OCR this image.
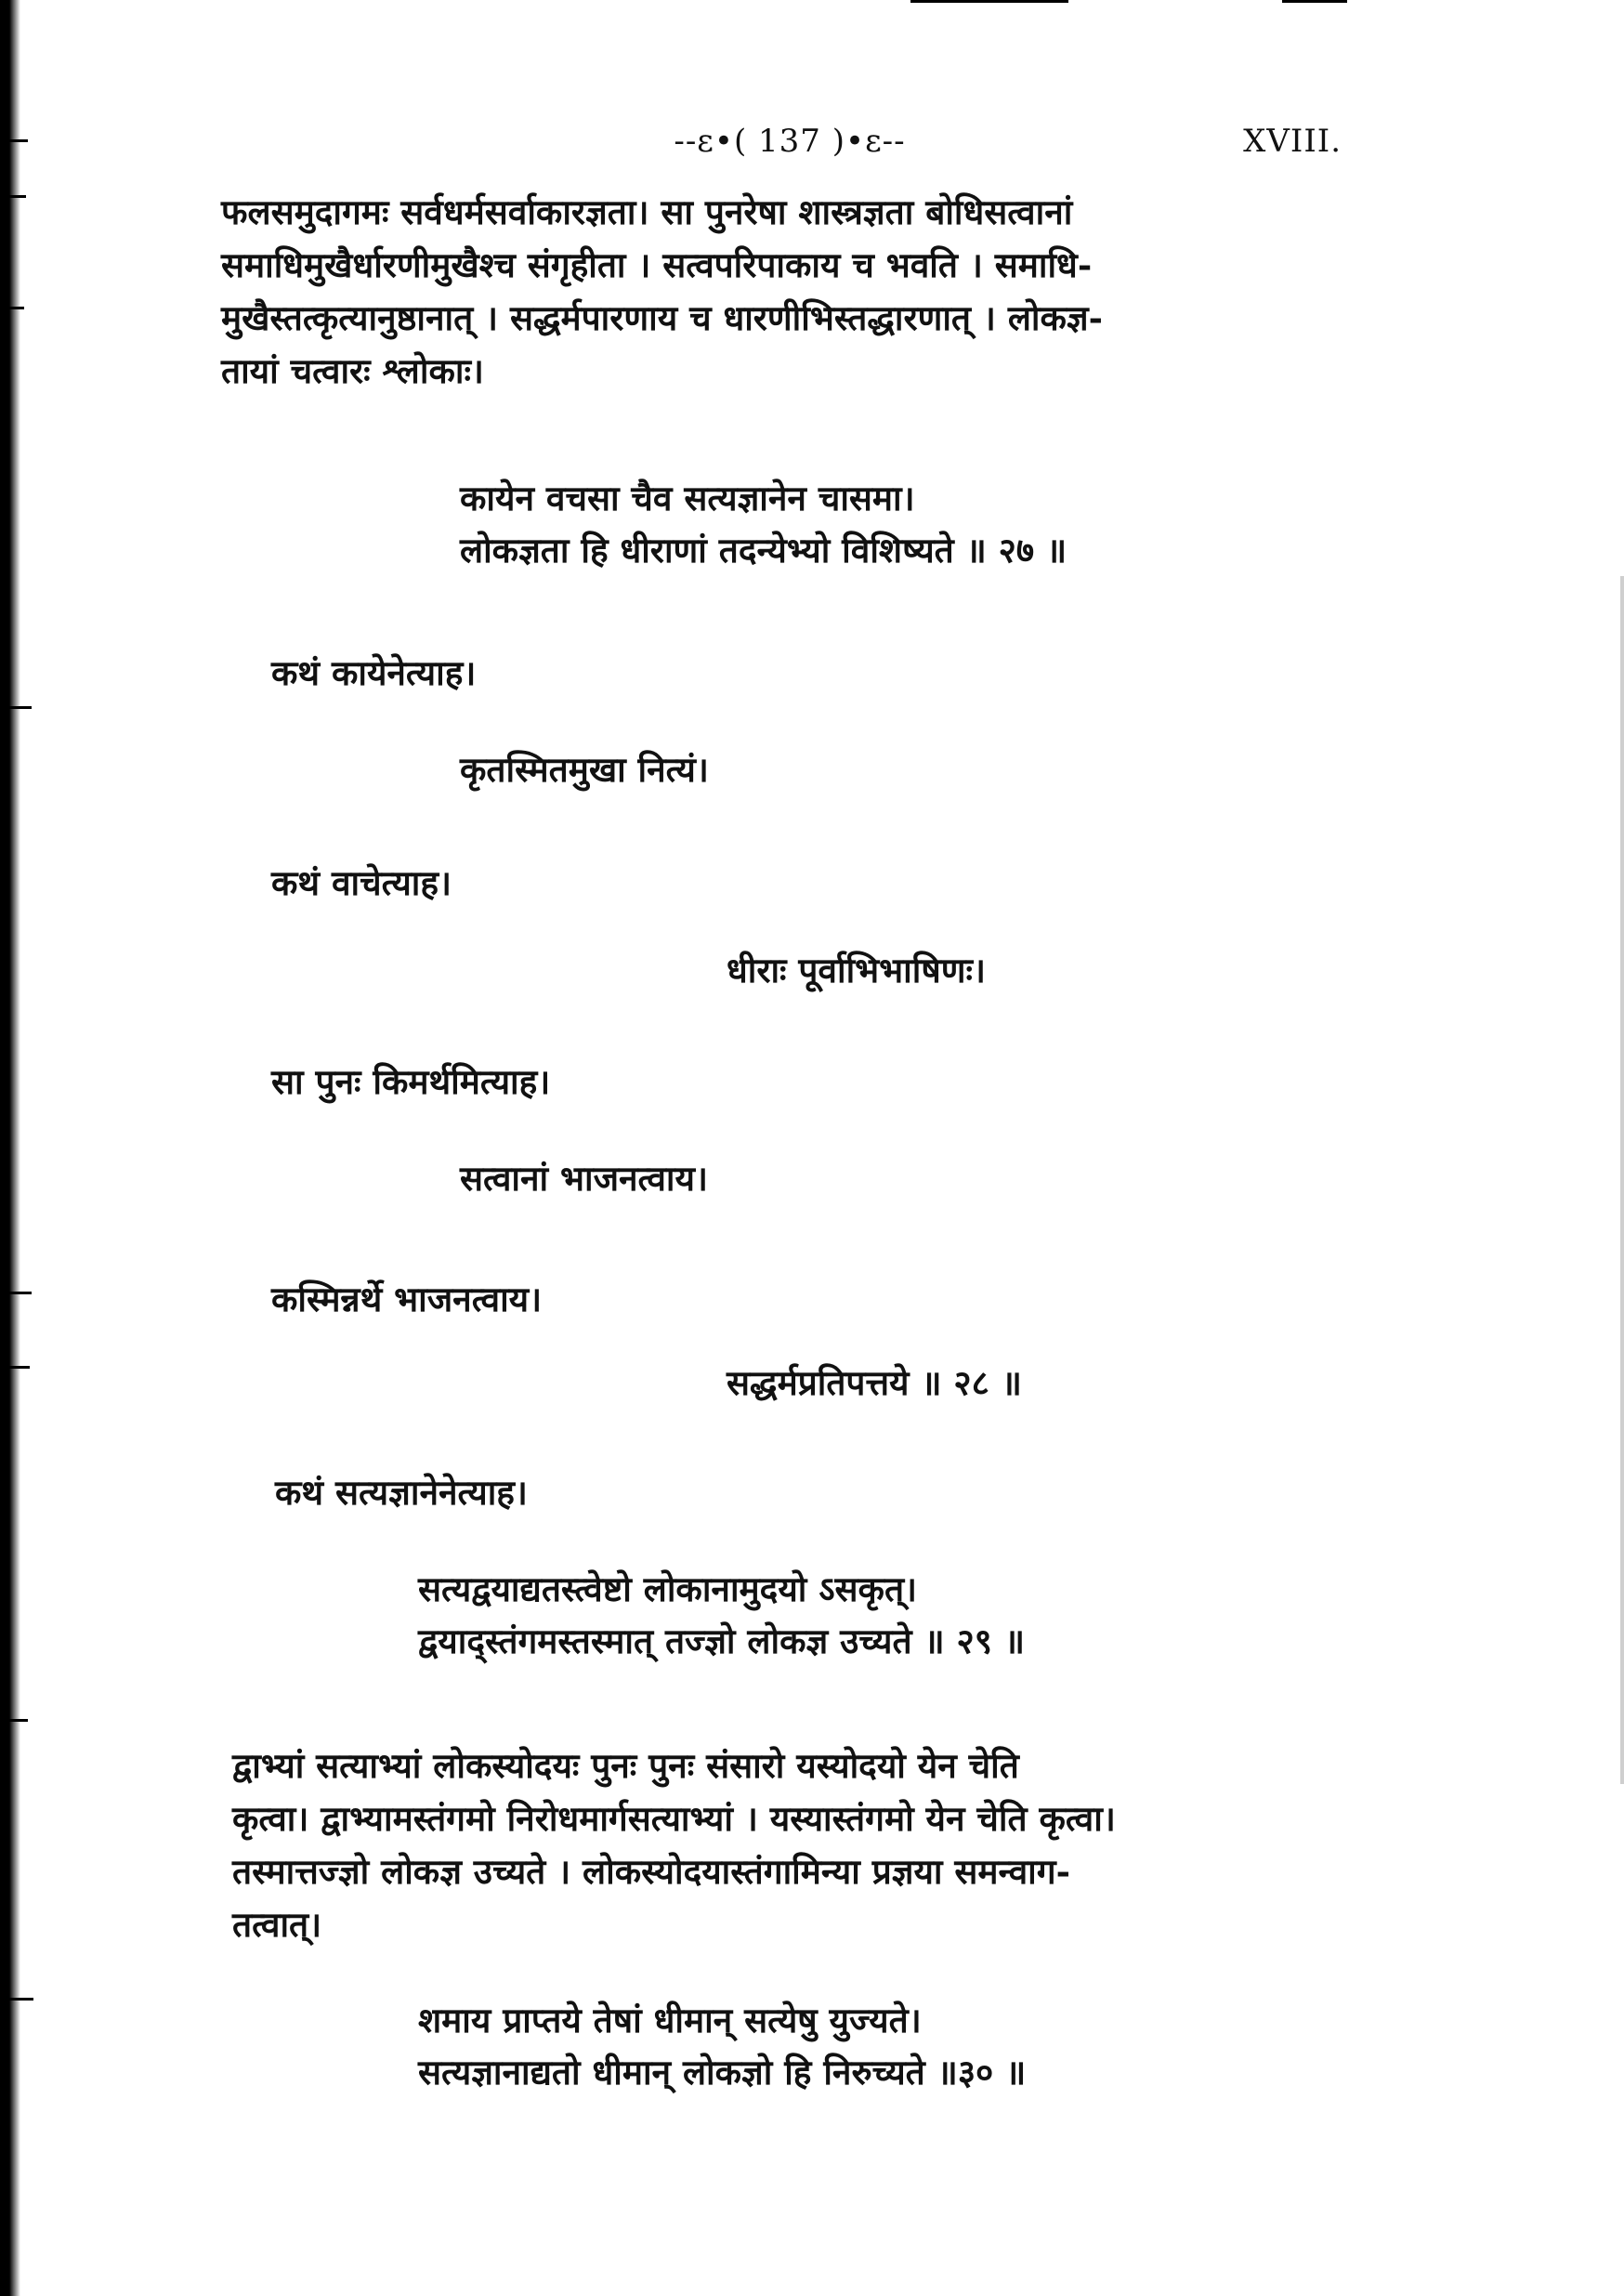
--ε•( 137 )•ε--	XVIII.
फलसमुदागमः सर्वधर्मसर्वाकारज्ञता। सा पुनरेषा शास्त्रज्ञता बोधिसत्वानां
समाधिमुखैर्धारणीमुखैश्च संगृहीता । सत्वपरिपाकाय च भवति । समाधि-
मुखैस्तत्कृत्यानुष्ठानात् । सद्धर्मपारणाय च धारणीभिस्तद्धारणात् । लोकज्ञ-
तायां चत्वारः श्लोकाः।
कायेन वचसा चैव सत्यज्ञानेन चासमा।
लोकज्ञता हि धीराणां तदन्येभ्यो विशिष्यते ॥ २७ ॥
कथं कायेनेत्याह।
कृतस्मितमुखा नित्यं।
कथं वाचेत्याह।
धीराः पूर्वाभिभाषिणः।
सा पुनः किमर्थमित्याह।
सत्वानां भाजनत्वाय।
कस्मिन्नर्थे भाजनत्वाय।
सद्धर्मप्रतिपत्तये ॥ २८ ॥
कथं सत्यज्ञानेनेत्याह।
सत्यद्वयाद्यतस्त्वेष्टो लोकानामुदयो ऽसकृत्।
द्वयाद्स्तंगमस्तस्मात् तज्ज्ञो लोकज्ञ उच्यते ॥ २९ ॥
द्वाभ्यां सत्याभ्यां लोकस्योदयः पुनः पुनः संसारो यस्योदयो येन चेति
कृत्वा। द्वाभ्यामस्तंगमो निरोधमार्गसत्याभ्यां । यस्यास्तंगमो येन चेति कृत्वा।
तस्मात्तज्ज्ञो लोकज्ञ उच्यते । लोकस्योदयास्तंगामिन्या प्रज्ञया समन्वाग-
तत्वात्।
शमाय प्राप्तये तेषां धीमान् सत्येषु युज्यते।
सत्यज्ञानाद्यतो धीमान् लोकज्ञो हि निरुच्यते ॥३० ॥
